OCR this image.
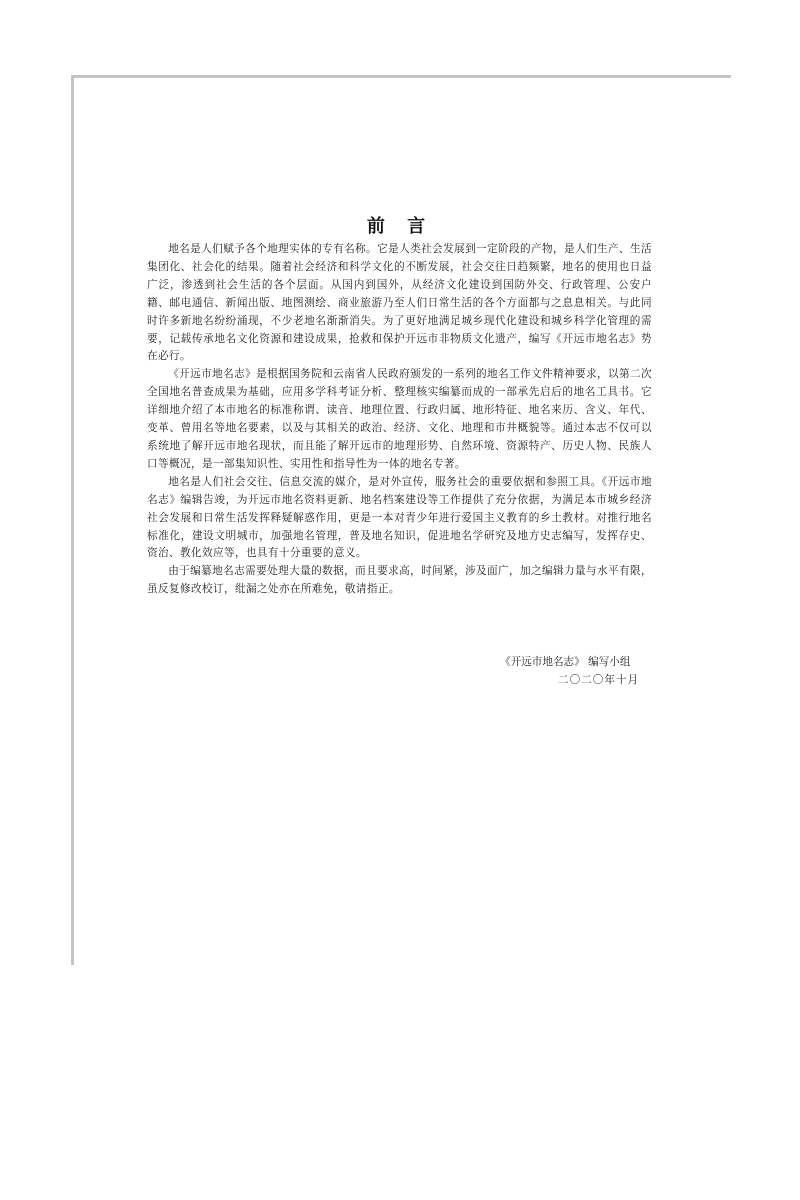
前 言

地名是人们赋予各个地理实体的专有名称。它是人类社会发展到一定阶段的产物，是人们生产、生活集团化、社会化的结果。随着社会经济和科学文化的不断发展，社会交往日趋频繁，地名的使用也日益广泛，渗透到社会生活的各个层面。从国内到国外，从经济文化建设到国防外交、行政管理、公安户籍、邮电通信、新闻出版、地图测绘、商业旅游乃至人们日常生活的各个方面都与之息息相关。与此同时许多新地名纷纷涌现，不少老地名渐渐消失。为了更好地满足城乡现代化建设和城乡科学化管理的需要，记载传承地名文化资源和建设成果，抢救和保护开远市非物质文化遗产，编写《开远市地名志》势在必行。

《开远市地名志》是根据国务院和云南省人民政府颁发的一系列的地名工作文件精神要求，以第二次全国地名普查成果为基础，应用多学科考证分析、整理核实编纂而成的一部承先启后的地名工具书。它详细地介绍了本市地名的标准称谓、读音、地理位置、行政归属、地形特征、地名来历、含义、年代、变革、曾用名等地名要素，以及与其相关的政治、经济、文化、地理和市井概貌等。通过本志不仅可以系统地了解开远市地名现状，而且能了解开远市的地理形势、自然环境、资源特产、历史人物、民族人口等概况，是一部集知识性、实用性和指导性为一体的地名专著。

地名是人们社会交往、信息交流的媒介，是对外宣传，服务社会的重要依据和参照工具。《开远市地名志》编辑告竣，为开远市地名资料更新、地名档案建设等工作提供了充分依据，为满足本市城乡经济社会发展和日常生活发挥释疑解惑作用，更是一本对青少年进行爱国主义教育的乡土教材。对推行地名标准化，建设文明城市，加强地名管理，普及地名知识，促进地名学研究及地方史志编写，发挥存史、资治、教化效应等，也具有十分重要的意义。

由于编纂地名志需要处理大量的数据，而且要求高，时间紧，涉及面广，加之编辑力量与水平有限，虽反复修改校订，纰漏之处亦在所难免，敬请指正。

《开远市地名志》 编写小组
二〇二〇年十月
